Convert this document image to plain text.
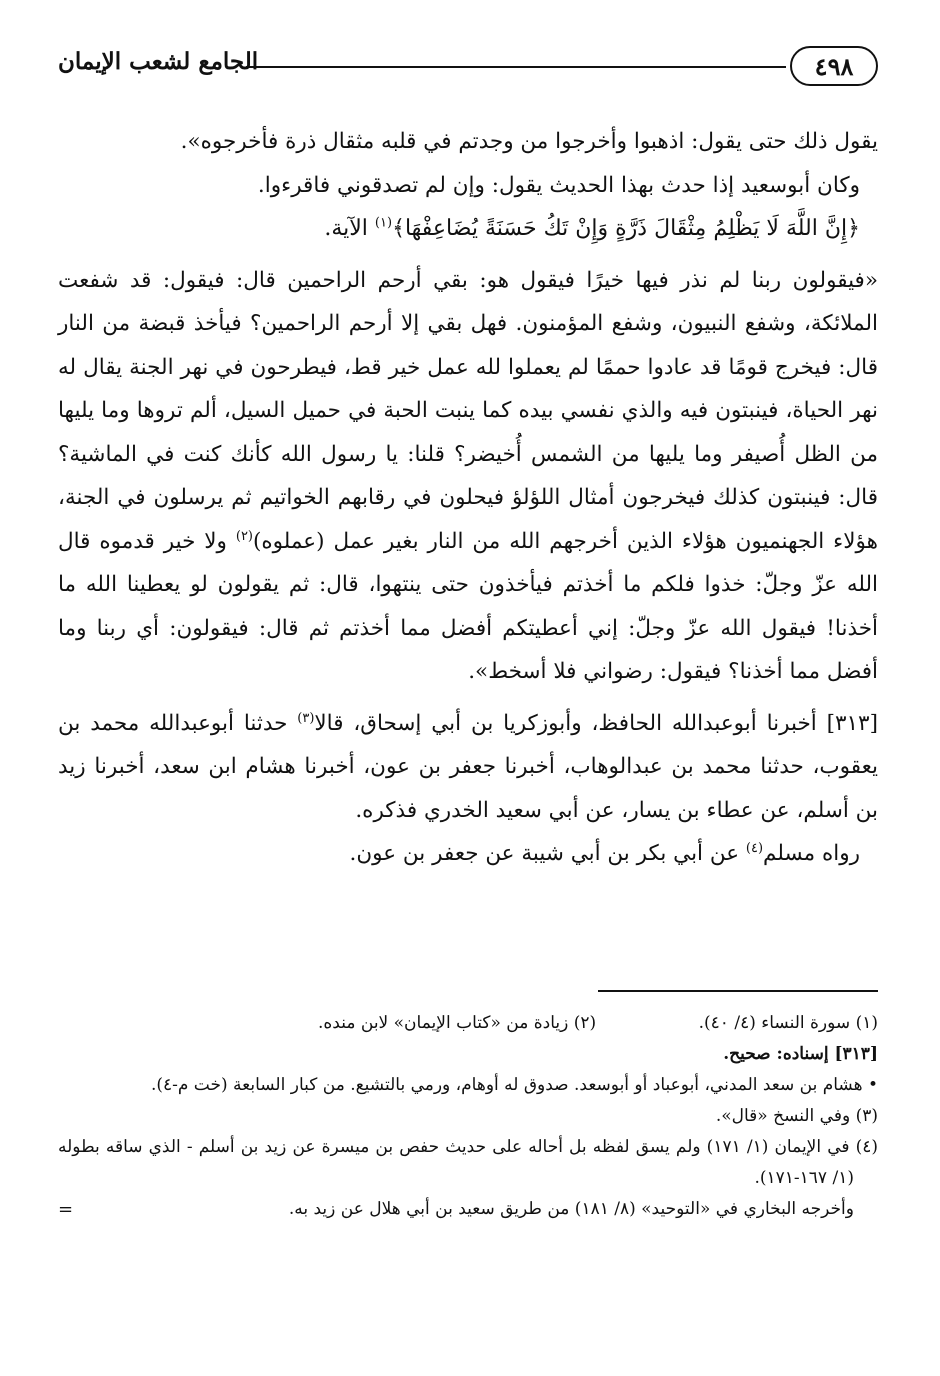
٤٩٨
الجامع لشعب الإيمان

يقول ذلك حتى يقول: اذهبوا وأخرجوا من وجدتم في قلبه مثقال ذرة فأخرجوه».

وكان أبوسعيد إذا حدث بهذا الحديث يقول: وإن لم تصدقوني فاقرءوا.

﴿إِنَّ اللَّهَ لَا يَظْلِمُ مِثْقَالَ ذَرَّةٍ وَإِنْ تَكُ حَسَنَةً يُضَاعِفْهَا﴾$^{(١)}$ الآية.

«فيقولون ربنا لم نذر فيها خيرًا فيقول هو: بقي أرحم الراحمين قال: فيقول: قد شفعت الملائكة، وشفع النبيون، وشفع المؤمنون. فهل بقي إلا أرحم الراحمين؟ فيأخذ قبضة من النار قال: فيخرج قومًا قد عادوا حممًا لم يعملوا لله عمل خير قط، فيطرحون في نهر الجنة يقال له نهر الحياة، فينبتون فيه والذي نفسي بيده كما ينبت الحبة في حميل السيل، ألم تروها وما يليها من الظل أُصيفر وما يليها من الشمس أُخيضر؟ قلنا: يا رسول الله كأنك كنت في الماشية؟ قال: فينبتون كذلك فيخرجون أمثال اللؤلؤ فيحلون في رقابهم الخواتيم ثم يرسلون في الجنة، هؤلاء الجهنميون هؤلاء الذين أخرجهم الله من النار بغير عمل (عملوه)$^{(٢)}$ ولا خير قدموه قال الله عزّ وجلّ: خذوا فلكم ما أخذتم فيأخذون حتى ينتهوا، قال: ثم يقولون لو يعطينا الله ما أخذنا! فيقول الله عزّ وجلّ: إني أعطيتكم أفضل مما أخذتم ثم قال: فيقولون: أي ربنا وما أفضل مما أخذنا؟ فيقول: رضواني فلا أسخط».

[٣١٣] أخبرنا أبوعبدالله الحافظ، وأبوزكريا بن أبي إسحاق، قالا$^{(٣)}$ حدثنا أبوعبدالله محمد بن يعقوب، حدثنا محمد بن عبدالوهاب، أخبرنا جعفر بن عون، أخبرنا هشام ابن سعد، أخبرنا زيد بن أسلم، عن عطاء بن يسار، عن أبي سعيد الخدري فذكره.

رواه مسلم$^{(٤)}$ عن أبي بكر بن أبي شيبة عن جعفر بن عون.

(١) سورة النساء (٤/ ٤٠).
(٢) زيادة من «كتاب الإيمان» لابن منده.

[٣١٣] إسناده: صحيح.

• هشام بن سعد المدني، أبوعباد أو أبوسعد. صدوق له أوهام، ورمي بالتشيع. من كبار السابعة (خت م-٤).

(٣) وفي النسخ «قال».

(٤) في الإيمان (١/ ١٧١) ولم يسق لفظه بل أحاله على حديث حفص بن ميسرة عن زيد بن أسلم - الذي ساقه بطوله (١/ ١٦٧-١٧١).

وأخرجه البخاري في «التوحيد» (٨/ ١٨١) من طريق سعيد بن أبي هلال عن زيد به.

=
